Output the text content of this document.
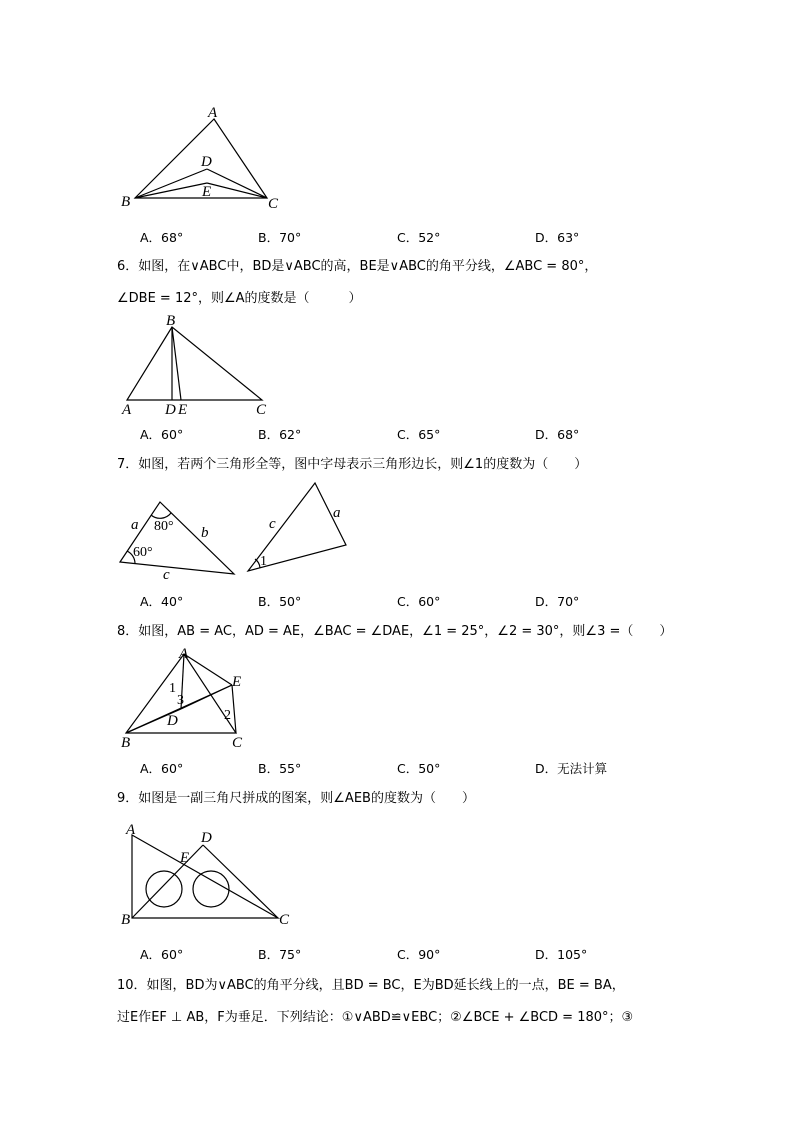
A
B	C
D
E
A．68°	B．70°	C．52°	D．63°
6．如图，在∨ABC中，BD是∨ABC的高，BE是∨ABC的角平分线，∠ABC = 80°，
∠DBE = 12°，则∠A的度数是（　　　）
B
A D E	C
A．60°	B．62°	C．65°	D．68°
7．如图，若两个三角形全等，图中字母表示三角形边长，则∠1的度数为（　　）
a	b
80°
60°
c
c
a
1
A．40°	B．50°	C．60°	D．70°
8．如图，AB = AC，AD = AE，∠BAC = ∠DAE，∠1 = 25°，∠2 = 30°，则∠3 =（　　）
A
E
D
B	C
1
3
2
A．60°	B．55°	C．50°	D．无法计算
9．如图是一副三角尺拼成的图案，则∠AEB的度数为（　　）
A	D
E
B	C
A．60°	B．75°	C．90°	D．105°
10．如图，BD为∨ABC的角平分线，且BD = BC，E为BD延长线上的一点，BE = BA，
过E作EF ⊥ AB，F为垂足．下列结论：①∨ABD≌∨EBC；②∠BCE + ∠BCD = 180°；③
